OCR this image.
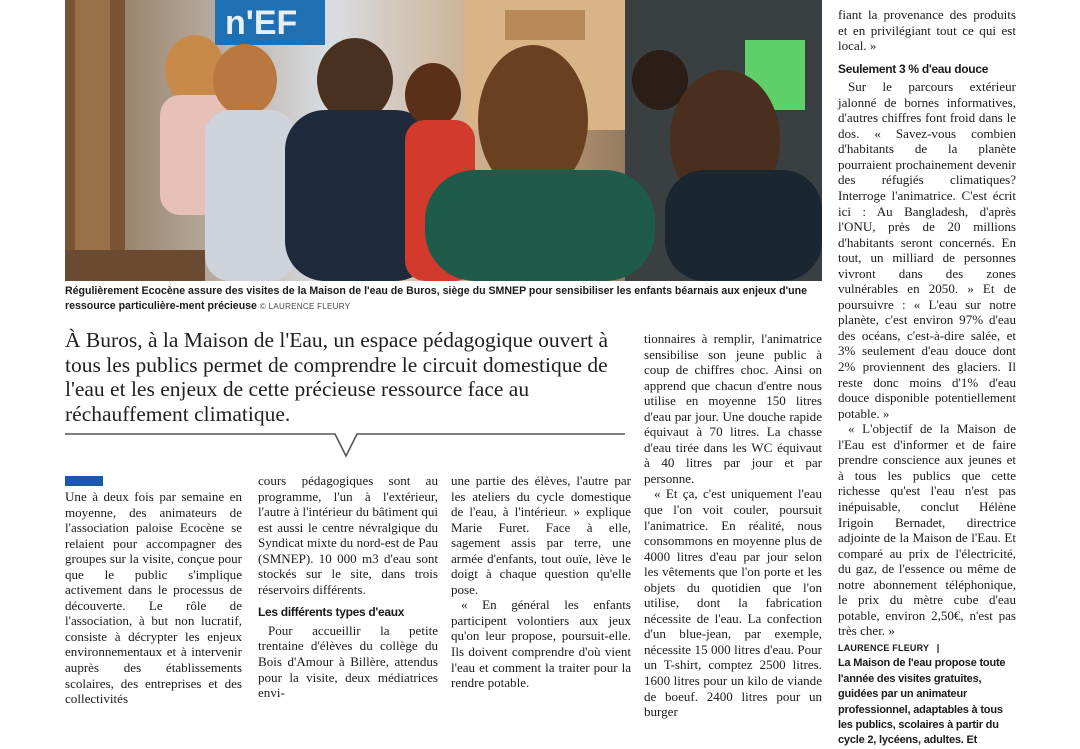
n'EF
Régulièrement Ecocène assure des visites de la Maison de l'eau de Buros, siège du SMNEP pour sensibiliser les enfants béarnais aux enjeux d'une ressource particulière-ment précieuse © LAURENCE FLEURY
À Buros, à la Maison de l'Eau, un espace pédagogique ouvert à tous les publics permet de comprendre le circuit domestique de l'eau et les enjeux de cette précieuse ressource face au réchauffement climatique.

Une à deux fois par semaine en moyenne, des animateurs de l'association paloise Ecocène se relaient pour accompagner des groupes sur la visite, conçue pour que le public s'implique activement dans le processus de découverte. Le rôle de l'association, à but non lucratif, consiste à décrypter les enjeux environnementaux et à intervenir auprès des établissements scolaires, des entreprises et des collectivités

cours pédagogiques sont au programme, l'un à l'extérieur, l'autre à l'intérieur du bâtiment qui est aussi le centre névralgique du Syndicat mixte du nord-est de Pau (SMNEP). 10 000 m3 d'eau sont stockés sur le site, dans trois réservoirs différents.

Les différents types d'eaux

Pour accueillir la petite trentaine d'élèves du collège du Bois d'Amour à Billère, attendus pour la visite, deux médiatrices envi-

une partie des élèves, l'autre par les ateliers du cycle domestique de l'eau, à l'intérieur. » explique Marie Furet. Face à elle, sagement assis par terre, une armée d'enfants, tout ouïe, lève le doigt à chaque question qu'elle pose.

« En général les enfants participent volontiers aux jeux qu'on leur propose, poursuit-elle. Ils doivent comprendre d'où vient l'eau et comment la traiter pour la rendre potable.

tionnaires à remplir, l'animatrice sensibilise son jeune public à coup de chiffres choc. Ainsi on apprend que chacun d'entre nous utilise en moyenne 150 litres d'eau par jour. Une douche rapide équivaut à 70 litres. La chasse d'eau tirée dans les WC équivaut à 40 litres par jour et par personne.

« Et ça, c'est uniquement l'eau que l'on voit couler, poursuit l'animatrice. En réalité, nous consommons en moyenne plus de 4000 litres d'eau par jour selon les vêtements que l'on porte et les objets du quotidien que l'on utilise, dont la fabrication nécessite de l'eau. La confection d'un blue-jean, par exemple, nécessite 15 000 litres d'eau. Pour un T-shirt, comptez 2500 litres. 1600 litres pour un kilo de viande de boeuf. 2400 litres pour un burger

fiant la provenance des produits et en privilégiant tout ce qui est local. »

Seulement 3 % d'eau douce

Sur le parcours extérieur jalonné de bornes informatives, d'autres chiffres font froid dans le dos. « Savez-vous combien d'habitants de la planète pourraient prochainement devenir des réfugiés climatiques? Interroge l'animatrice. C'est écrit ici : Au Bangladesh, d'après l'ONU, près de 20 millions d'habitants seront concernés. En tout, un milliard de personnes vivront dans des zones vulnérables en 2050. » Et de poursuivre : « L'eau sur notre planète, c'est environ 97% d'eau des océans, c'est-à-dire salée, et 3% seulement d'eau douce dont 2% proviennent des glaciers. Il reste donc moins d'1% d'eau douce disponible potentiellement potable. »

« L'objectif de la Maison de l'Eau est d'informer et de faire prendre conscience aux jeunes et à tous les publics que cette richesse qu'est l'eau n'est pas inépuisable, conclut Hélène Irigoin Bernadet, directrice adjointe de la Maison de l'Eau. Et comparé au prix de l'électricité, du gaz, de l'essence ou même de notre abonnement téléphonique, le prix du mètre cube d'eau potable, environ 2,50€, n'est pas très cher. »

LAURENCE FLEURY
La Maison de l'eau propose toute l'année des visites gratuites, guidées par un animateur professionnel, adaptables à tous les publics, scolaires à partir du cycle 2, lycéens, adultes. Et
